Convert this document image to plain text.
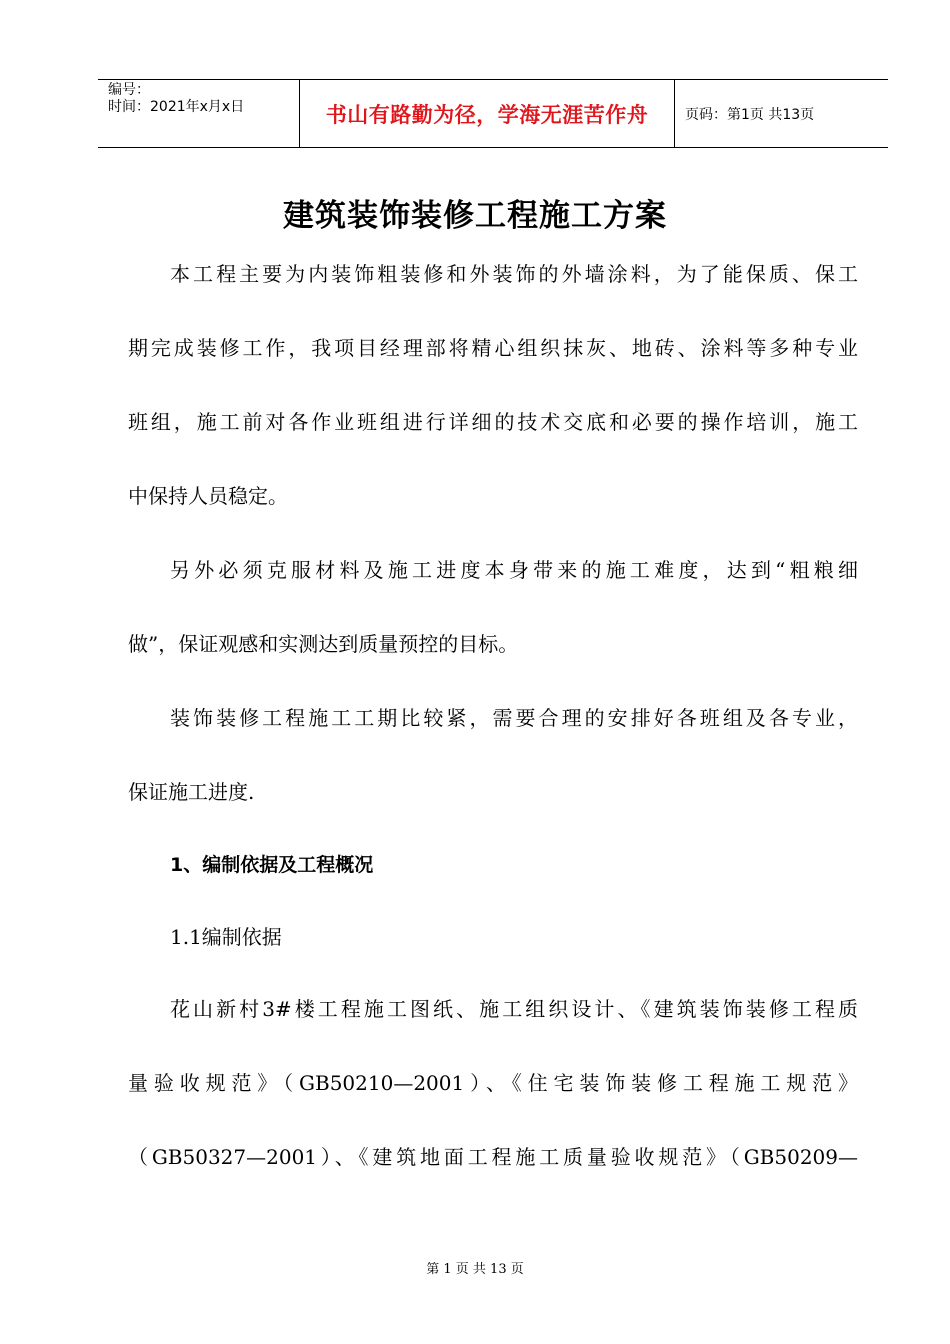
编号：
时间：2021年x月x日	书山有路勤为径，学海无涯苦作舟	页码：第1页 共13页
建筑装饰装修工程施工方案
本工程主要为内装饰粗装修和外装饰的外墙涂料，为了能保质、保工
期完成装修工作，我项目经理部将精心组织抹灰、地砖、涂料等多种专业
班组，施工前对各作业班组进行详细的技术交底和必要的操作培训，施工
中保持人员稳定。
另外必须克服材料及施工进度本身带来的施工难度，达到“粗粮细
做”，保证观感和实测达到质量预控的目标。
装饰装修工程施工工期比较紧，需要合理的安排好各班组及各专业，
保证施工进度.
1、编制依据及工程概况
1.1编制依据
花山新村3#楼工程施工图纸、施工组织设计、《建筑装饰装修工程质
量验收规范》（GB50210—2001）、《住宅装饰装修工程施工规范》
（GB50327—2001）、《建筑地面工程施工质量验收规范》（GB50209—
第 1 页 共 13 页
